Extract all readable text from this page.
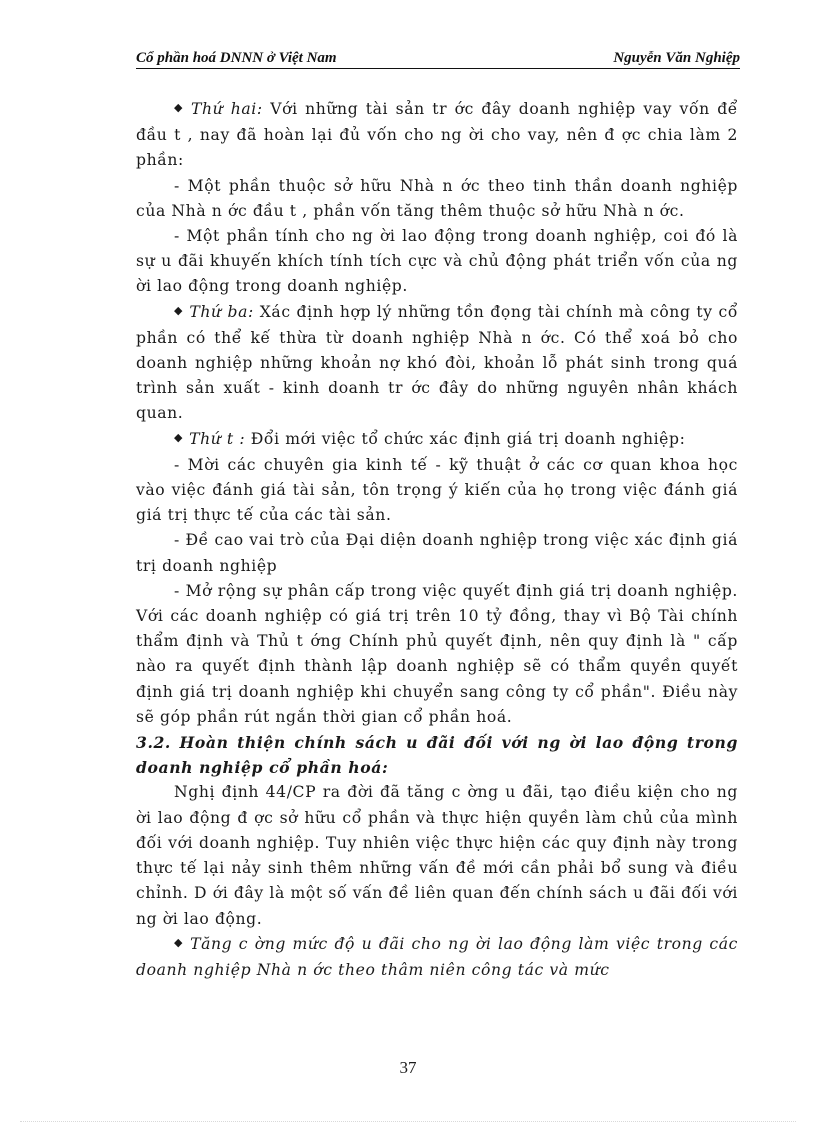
Cổ phần hoá DNNN ở Việt Nam	Nguyễn Văn Nghiệp

◆ Thứ hai: Với những tài sản tr ớc đây doanh nghiệp vay vốn để đầu t , nay đã hoàn lại đủ vốn cho ng ời cho vay, nên đ ợc chia làm 2 phần:

- Một phần thuộc sở hữu Nhà n ớc theo tinh thần doanh nghiệp của Nhà n ớc đầu t , phần vốn tăng thêm thuộc sở hữu Nhà n ớc.

- Một phần tính cho ng ời lao động trong doanh nghiệp, coi đó là sự u đãi khuyến khích tính tích cực và chủ động phát triển vốn của ng ời lao động trong doanh nghiệp.

◆ Thứ ba: Xác định hợp lý những tồn đọng tài chính mà công ty cổ phần có thể kế thừa từ doanh nghiệp Nhà n ớc. Có thể xoá bỏ cho doanh nghiệp những khoản nợ khó đòi, khoản lỗ phát sinh trong quá trình sản xuất - kinh doanh tr ớc đây do những nguyên nhân khách quan.

◆ Thứ t : Đổi mới việc tổ chức xác định giá trị doanh nghiệp:

- Mời các chuyên gia kinh tế - kỹ thuật ở các cơ quan khoa học vào việc đánh giá tài sản, tôn trọng ý kiến của họ trong việc đánh giá giá trị thực tế của các tài sản.

- Đề cao vai trò của Đại diện doanh nghiệp trong việc xác định giá trị doanh nghiệp

- Mở rộng sự phân cấp trong việc quyết định giá trị doanh nghiệp. Với các doanh nghiệp có giá trị trên 10 tỷ đồng, thay vì Bộ Tài chính thẩm định và Thủ t ớng Chính phủ quyết định, nên quy định là " cấp nào ra quyết định thành lập doanh nghiệp sẽ có thẩm quyền quyết định giá trị doanh nghiệp khi chuyển sang công ty cổ phần". Điều này sẽ góp phần rút ngắn thời gian cổ phần hoá.

3.2. Hoàn thiện chính sách u đãi đối với ng ời lao động trong doanh nghiệp cổ phần hoá:

Nghị định 44/CP ra đời đã tăng c ờng u đãi, tạo điều kiện cho ng ời lao động đ ợc sở hữu cổ phần và thực hiện quyền làm chủ của mình đối với doanh nghiệp. Tuy nhiên việc thực hiện các quy định này trong thực tế lại nảy sinh thêm những vấn đề mới cần phải bổ sung và điều chỉnh. D ới đây là một số vấn đề liên quan đến chính sách u đãi đối với ng ời lao động.

◆ Tăng c ờng mức độ u đãi cho ng ời lao động làm việc trong các doanh nghiệp Nhà n ớc theo thâm niên công tác và mức

37
